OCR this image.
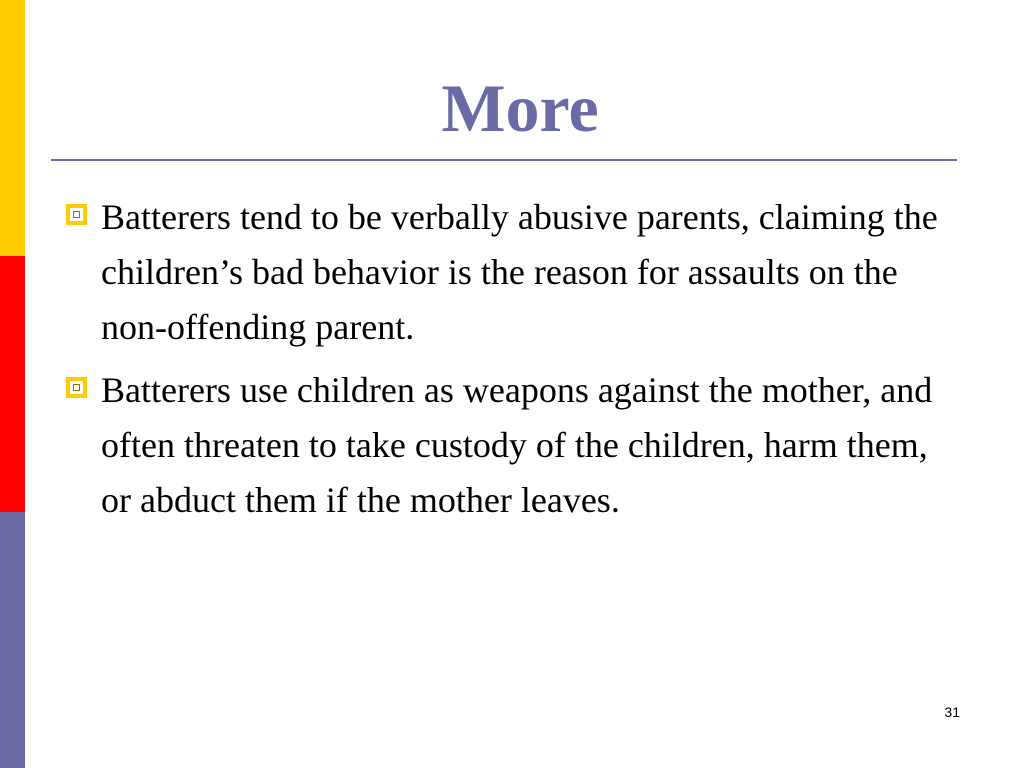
More
Batterers tend to be verbally abusive parents, claiming the children’s bad behavior is the reason for assaults on the non-offending parent.
Batterers use children as weapons against the mother, and often threaten to take custody of the children, harm them, or abduct them if the mother leaves.
31
